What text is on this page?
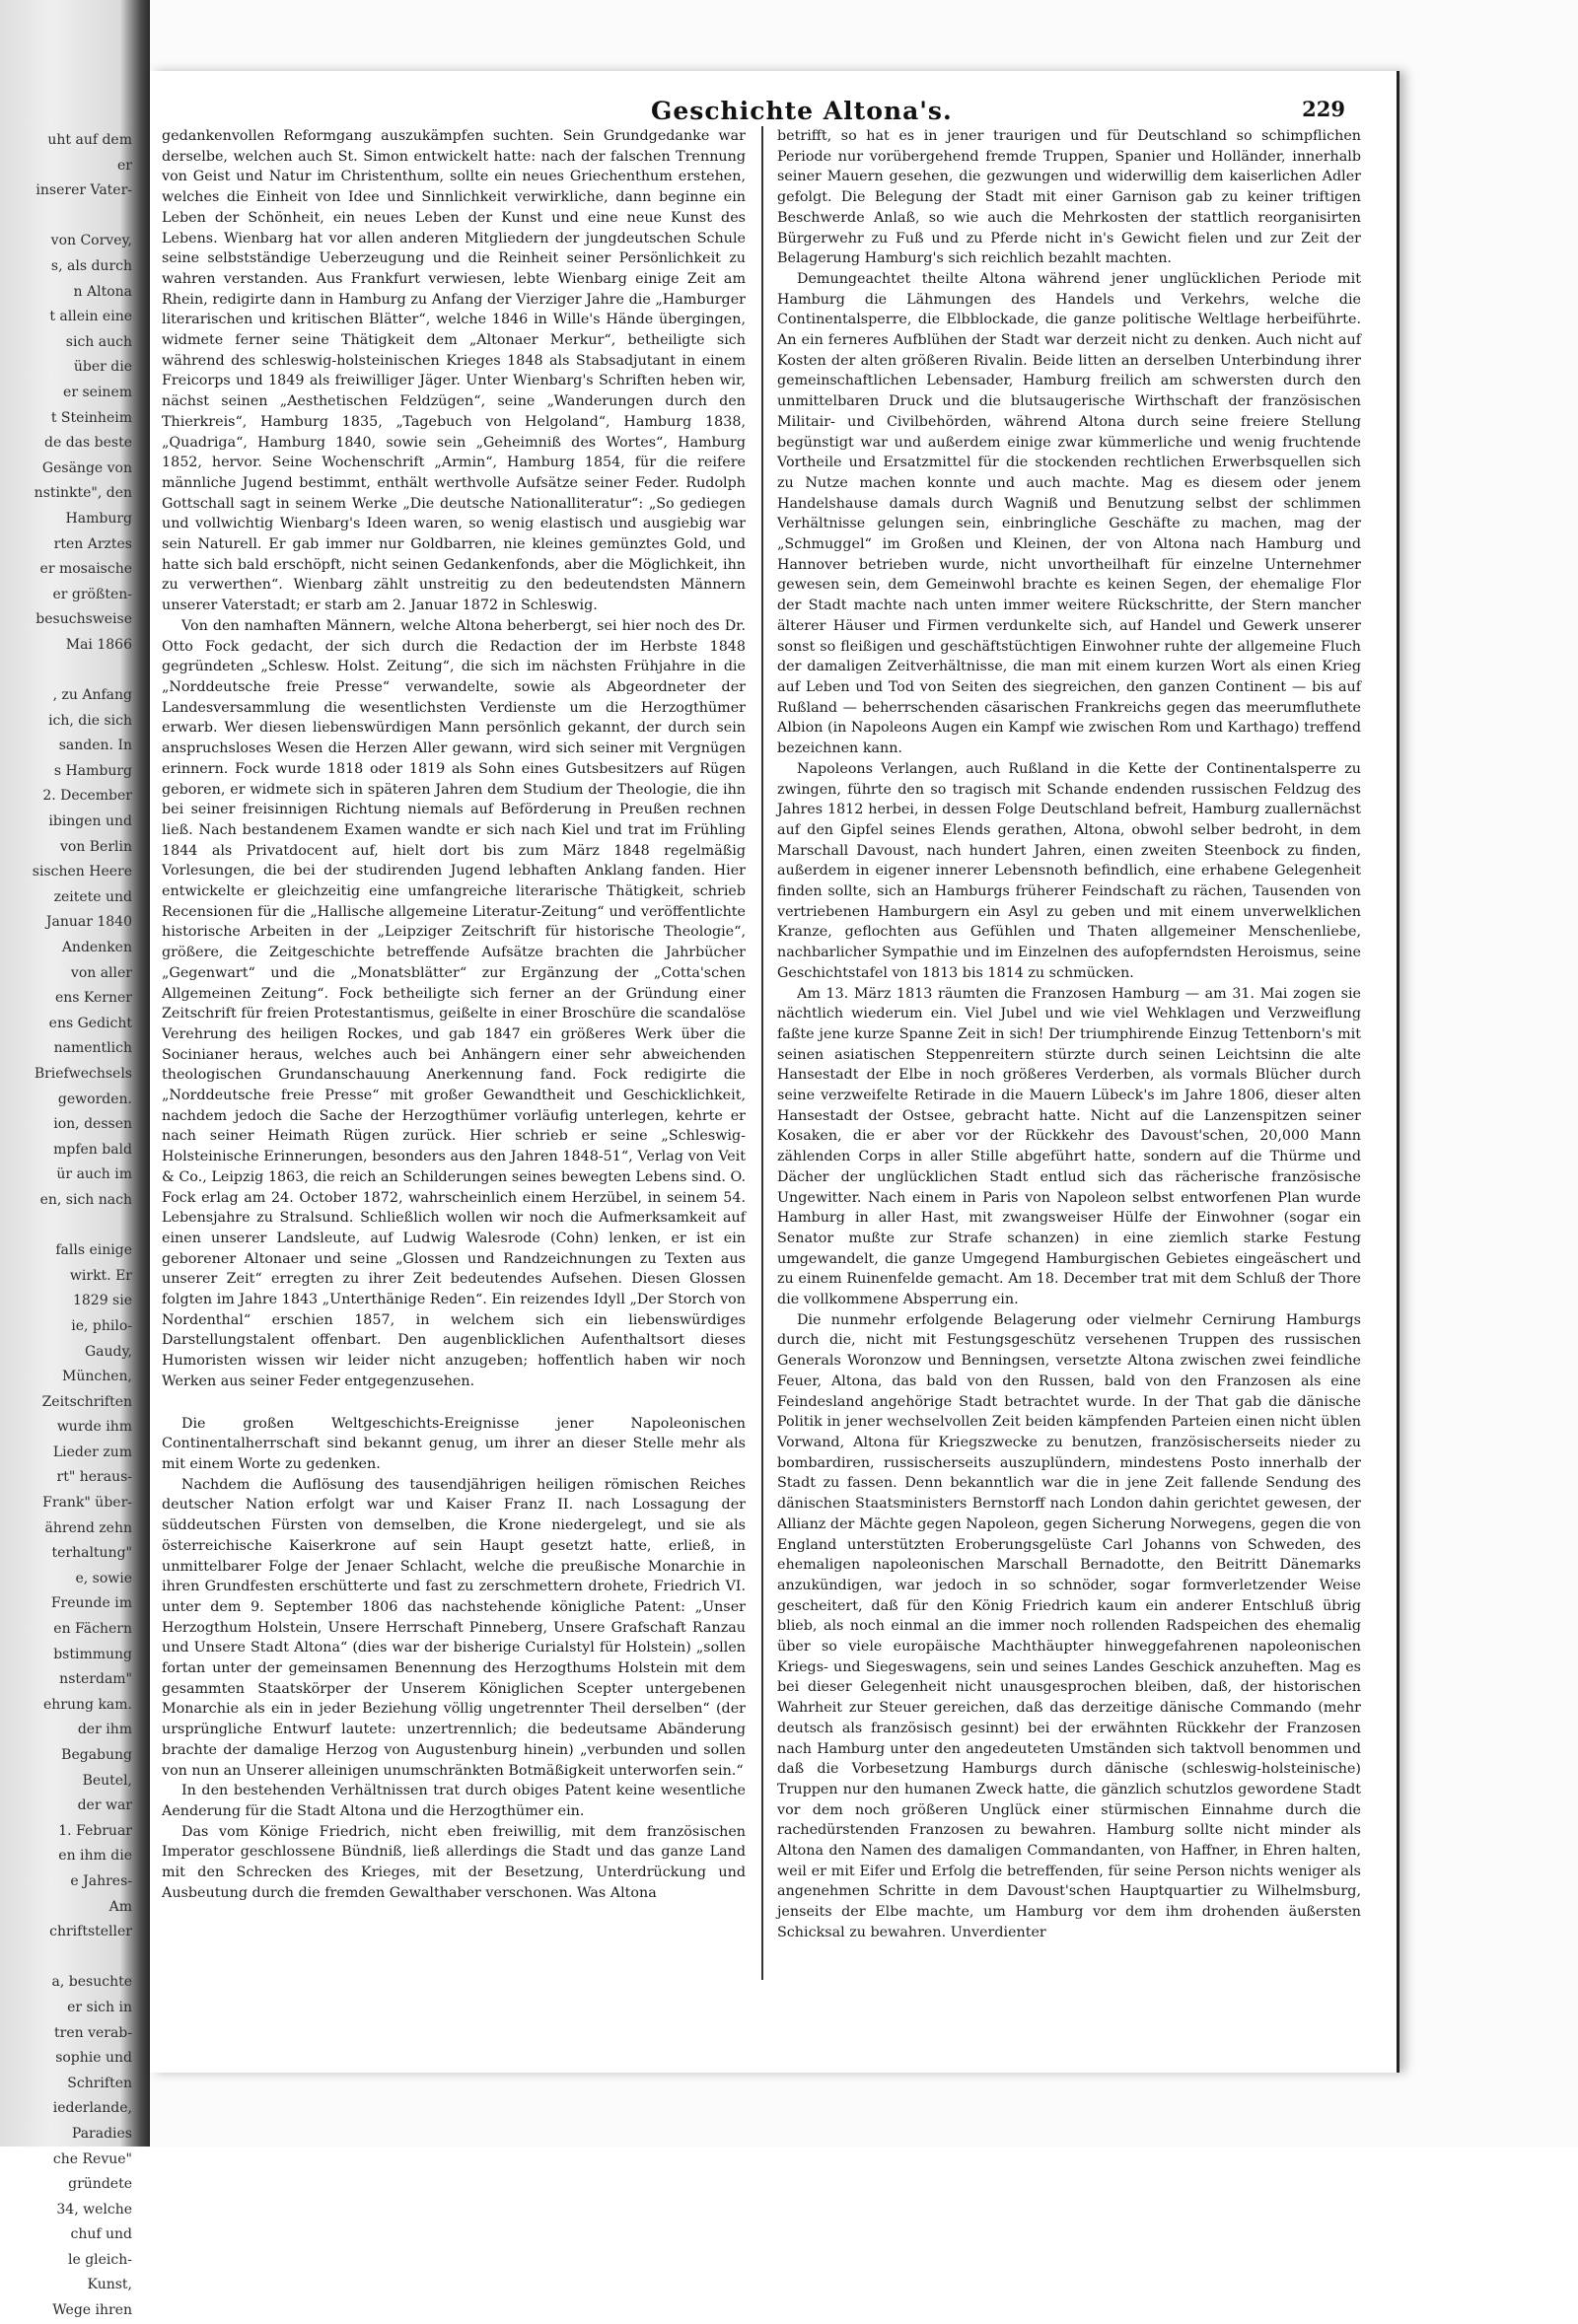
uht auf dem
er
inserer Vater-

von Corvey,
s, als durch
n Altona
t allein eine
sich auch
über die
er seinem
t Steinheim
de das beste
Gesänge von
nstinkte", den
Hamburg
rten Arztes
er mosaische
er größten-
besuchsweise
Mai 1866

, zu Anfang
ich, die sich
sanden. In
s Hamburg
2. December
ibingen und
von Berlin
sischen Heere
zeitete und
Januar 1840
Andenken
von aller
ens Kerner
ens Gedicht
namentlich
Briefwechsels
geworden.
ion, dessen
mpfen bald
ür auch im
en, sich nach

falls einige
wirkt. Er
1829 sie
ie, philo-
Gaudy,
München,
Zeitschriften
wurde ihm
Lieder zum
rt" heraus-
Frank" über-
ährend zehn
terhaltung"
e, sowie
Freunde im
en Fächern
bstimmung
nsterdam"
ehrung kam.
der ihm
Begabung
Beutel,
der war
1. Februar
en ihm die
e Jahres-
Am
chriftsteller

a, besuchte
er sich in
tren verab-
sophie und
Schriften
iederlande,
Paradies
che Revue"
gründete
34, welche
chuf und
le gleich-
Kunst,
Wege ihren
Geschichte Altona's.	229

gedankenvollen Reformgang auszukämpfen suchten. Sein Grundgedanke war derselbe, welchen auch St. Simon entwickelt hatte: nach der falschen Trennung von Geist und Natur im Christenthum, sollte ein neues Griechenthum erstehen, welches die Einheit von Idee und Sinnlichkeit verwirkliche, dann beginne ein Leben der Schönheit, ein neues Leben der Kunst und eine neue Kunst des Lebens. Wienbarg hat vor allen anderen Mitgliedern der jungdeutschen Schule seine selbstständige Ueberzeugung und die Reinheit seiner Persönlichkeit zu wahren verstanden. Aus Frankfurt verwiesen, lebte Wienbarg einige Zeit am Rhein, redigirte dann in Hamburg zu Anfang der Vierziger Jahre die „Hamburger literarischen und kritischen Blätter“, welche 1846 in Wille's Hände übergingen, widmete ferner seine Thätigkeit dem „Altonaer Merkur“, betheiligte sich während des schleswig-holsteinischen Krieges 1848 als Stabsadjutant in einem Freicorps und 1849 als freiwilliger Jäger. Unter Wienbarg's Schriften heben wir, nächst seinen „Aesthetischen Feldzügen“, seine „Wanderungen durch den Thierkreis“, Hamburg 1835, „Tagebuch von Helgoland“, Hamburg 1838, „Quadriga“, Hamburg 1840, sowie sein „Geheimniß des Wortes“, Hamburg 1852, hervor. Seine Wochenschrift „Armin“, Hamburg 1854, für die reifere männliche Jugend bestimmt, enthält werthvolle Aufsätze seiner Feder. Rudolph Gottschall sagt in seinem Werke „Die deutsche Nationalliteratur“: „So gediegen und vollwichtig Wienbarg's Ideen waren, so wenig elastisch und ausgiebig war sein Naturell. Er gab immer nur Goldbarren, nie kleines gemünztes Gold, und hatte sich bald erschöpft, nicht seinen Gedankenfonds, aber die Möglichkeit, ihn zu verwerthen“. Wienbarg zählt unstreitig zu den bedeutendsten Männern unserer Vaterstadt; er starb am 2. Januar 1872 in Schleswig.

Von den namhaften Männern, welche Altona beherbergt, sei hier noch des Dr. Otto Fock gedacht, der sich durch die Redaction der im Herbste 1848 gegründeten „Schlesw. Holst. Zeitung“, die sich im nächsten Frühjahre in die „Norddeutsche freie Presse“ verwandelte, sowie als Abgeordneter der Landesversammlung die wesentlichsten Verdienste um die Herzogthümer erwarb. Wer diesen liebenswürdigen Mann persönlich gekannt, der durch sein anspruchsloses Wesen die Herzen Aller gewann, wird sich seiner mit Vergnügen erinnern. Fock wurde 1818 oder 1819 als Sohn eines Gutsbesitzers auf Rügen geboren, er widmete sich in späteren Jahren dem Studium der Theologie, die ihn bei seiner freisinnigen Richtung niemals auf Beförderung in Preußen rechnen ließ. Nach bestandenem Examen wandte er sich nach Kiel und trat im Frühling 1844 als Privatdocent auf, hielt dort bis zum März 1848 regelmäßig Vorlesungen, die bei der studirenden Jugend lebhaften Anklang fanden. Hier entwickelte er gleichzeitig eine umfangreiche literarische Thätigkeit, schrieb Recensionen für die „Hallische allgemeine Literatur-Zeitung“ und veröffentlichte historische Arbeiten in der „Leipziger Zeitschrift für historische Theologie“, größere, die Zeitgeschichte betreffende Aufsätze brachten die Jahrbücher „Gegenwart“ und die „Monatsblätter“ zur Ergänzung der „Cotta'schen Allgemeinen Zeitung“. Fock betheiligte sich ferner an der Gründung einer Zeitschrift für freien Protestantismus, geißelte in einer Broschüre die scandalöse Verehrung des heiligen Rockes, und gab 1847 ein größeres Werk über die Socinianer heraus, welches auch bei Anhängern einer sehr abweichenden theologischen Grundanschauung Anerkennung fand. Fock redigirte die „Norddeutsche freie Presse“ mit großer Gewandtheit und Geschicklichkeit, nachdem jedoch die Sache der Herzogthümer vorläufig unterlegen, kehrte er nach seiner Heimath Rügen zurück. Hier schrieb er seine „Schleswig-Holsteinische Erinnerungen, besonders aus den Jahren 1848-51“, Verlag von Veit & Co., Leipzig 1863, die reich an Schilderungen seines bewegten Lebens sind. O. Fock erlag am 24. October 1872, wahrscheinlich einem Herzübel, in seinem 54. Lebensjahre zu Stralsund. Schließlich wollen wir noch die Aufmerksamkeit auf einen unserer Landsleute, auf Ludwig Walesrode (Cohn) lenken, er ist ein geborener Altonaer und seine „Glossen und Randzeichnungen zu Texten aus unserer Zeit“ erregten zu ihrer Zeit bedeutendes Aufsehen. Diesen Glossen folgten im Jahre 1843 „Unterthänige Reden“. Ein reizendes Idyll „Der Storch von Nordenthal“ erschien 1857, in welchem sich ein liebenswürdiges Darstellungstalent offenbart. Den augenblicklichen Aufenthaltsort dieses Humoristen wissen wir leider nicht anzugeben; hoffentlich haben wir noch Werken aus seiner Feder entgegenzusehen.

Die großen Weltgeschichts-Ereignisse jener Napoleonischen Continentalherrschaft sind bekannt genug, um ihrer an dieser Stelle mehr als mit einem Worte zu gedenken.

Nachdem die Auflösung des tausendjährigen heiligen römischen Reiches deutscher Nation erfolgt war und Kaiser Franz II. nach Lossagung der süddeutschen Fürsten von demselben, die Krone niedergelegt, und sie als österreichische Kaiserkrone auf sein Haupt gesetzt hatte, erließ, in unmittelbarer Folge der Jenaer Schlacht, welche die preußische Monarchie in ihren Grundfesten erschütterte und fast zu zerschmettern drohete, Friedrich VI. unter dem 9. September 1806 das nachstehende königliche Patent: „Unser Herzogthum Holstein, Unsere Herrschaft Pinneberg, Unsere Grafschaft Ranzau und Unsere Stadt Altona“ (dies war der bisherige Curialstyl für Holstein) „sollen fortan unter der gemeinsamen Benennung des Herzogthums Holstein mit dem gesammten Staatskörper der Unserem Königlichen Scepter untergebenen Monarchie als ein in jeder Beziehung völlig ungetrennter Theil derselben“ (der ursprüngliche Entwurf lautete: unzertrennlich; die bedeutsame Abänderung brachte der damalige Herzog von Augustenburg hinein) „verbunden und sollen von nun an Unserer alleinigen unumschränkten Botmäßigkeit unterworfen sein.“

In den bestehenden Verhältnissen trat durch obiges Patent keine wesentliche Aenderung für die Stadt Altona und die Herzogthümer ein.

Das vom Könige Friedrich, nicht eben freiwillig, mit dem französischen Imperator geschlossene Bündniß, ließ allerdings die Stadt und das ganze Land mit den Schrecken des Krieges, mit der Besetzung, Unterdrückung und Ausbeutung durch die fremden Gewalthaber verschonen. Was Altona

betrifft, so hat es in jener traurigen und für Deutschland so schimpflichen Periode nur vorübergehend fremde Truppen, Spanier und Holländer, innerhalb seiner Mauern gesehen, die gezwungen und widerwillig dem kaiserlichen Adler gefolgt. Die Belegung der Stadt mit einer Garnison gab zu keiner triftigen Beschwerde Anlaß, so wie auch die Mehrkosten der stattlich reorganisirten Bürgerwehr zu Fuß und zu Pferde nicht in's Gewicht fielen und zur Zeit der Belagerung Hamburg's sich reichlich bezahlt machten.

Demungeachtet theilte Altona während jener unglücklichen Periode mit Hamburg die Lähmungen des Handels und Verkehrs, welche die Continentalsperre, die Elbblockade, die ganze politische Weltlage herbeiführte. An ein ferneres Aufblühen der Stadt war derzeit nicht zu denken. Auch nicht auf Kosten der alten größeren Rivalin. Beide litten an derselben Unterbindung ihrer gemeinschaftlichen Lebensader, Hamburg freilich am schwersten durch den unmittelbaren Druck und die blutsaugerische Wirthschaft der französischen Militair- und Civilbehörden, während Altona durch seine freiere Stellung begünstigt war und außerdem einige zwar kümmerliche und wenig fruchtende Vortheile und Ersatzmittel für die stockenden rechtlichen Erwerbsquellen sich zu Nutze machen konnte und auch machte. Mag es diesem oder jenem Handelshause damals durch Wagniß und Benutzung selbst der schlimmen Verhältnisse gelungen sein, einbringliche Geschäfte zu machen, mag der „Schmuggel“ im Großen und Kleinen, der von Altona nach Hamburg und Hannover betrieben wurde, nicht unvortheilhaft für einzelne Unternehmer gewesen sein, dem Gemeinwohl brachte es keinen Segen, der ehemalige Flor der Stadt machte nach unten immer weitere Rückschritte, der Stern mancher älterer Häuser und Firmen verdunkelte sich, auf Handel und Gewerk unserer sonst so fleißigen und geschäftstüchtigen Einwohner ruhte der allgemeine Fluch der damaligen Zeitverhältnisse, die man mit einem kurzen Wort als einen Krieg auf Leben und Tod von Seiten des siegreichen, den ganzen Continent — bis auf Rußland — beherrschenden cäsarischen Frankreichs gegen das meerumfluthete Albion (in Napoleons Augen ein Kampf wie zwischen Rom und Karthago) treffend bezeichnen kann.

Napoleons Verlangen, auch Rußland in die Kette der Continentalsperre zu zwingen, führte den so tragisch mit Schande endenden russischen Feldzug des Jahres 1812 herbei, in dessen Folge Deutschland befreit, Hamburg zuallernächst auf den Gipfel seines Elends gerathen, Altona, obwohl selber bedroht, in dem Marschall Davoust, nach hundert Jahren, einen zweiten Steenbock zu finden, außerdem in eigener innerer Lebensnoth befindlich, eine erhabene Gelegenheit finden sollte, sich an Hamburgs früherer Feindschaft zu rächen, Tausenden von vertriebenen Hamburgern ein Asyl zu geben und mit einem unverwelklichen Kranze, geflochten aus Gefühlen und Thaten allgemeiner Menschenliebe, nachbarlicher Sympathie und im Einzelnen des aufopferndsten Heroismus, seine Geschichtstafel von 1813 bis 1814 zu schmücken.

Am 13. März 1813 räumten die Franzosen Hamburg — am 31. Mai zogen sie nächtlich wiederum ein. Viel Jubel und wie viel Wehklagen und Verzweiflung faßte jene kurze Spanne Zeit in sich! Der triumphirende Einzug Tettenborn's mit seinen asiatischen Steppenreitern stürzte durch seinen Leichtsinn die alte Hansestadt der Elbe in noch größeres Verderben, als vormals Blücher durch seine verzweifelte Retirade in die Mauern Lübeck's im Jahre 1806, dieser alten Hansestadt der Ostsee, gebracht hatte. Nicht auf die Lanzenspitzen seiner Kosaken, die er aber vor der Rückkehr des Davoust'schen, 20,000 Mann zählenden Corps in aller Stille abgeführt hatte, sondern auf die Thürme und Dächer der unglücklichen Stadt entlud sich das rächerische französische Ungewitter. Nach einem in Paris von Napoleon selbst entworfenen Plan wurde Hamburg in aller Hast, mit zwangsweiser Hülfe der Einwohner (sogar ein Senator mußte zur Strafe schanzen) in eine ziemlich starke Festung umgewandelt, die ganze Umgegend Hamburgischen Gebietes eingeäschert und zu einem Ruinenfelde gemacht. Am 18. December trat mit dem Schluß der Thore die vollkommene Absperrung ein.

Die nunmehr erfolgende Belagerung oder vielmehr Cernirung Hamburgs durch die, nicht mit Festungsgeschütz versehenen Truppen des russischen Generals Woronzow und Benningsen, versetzte Altona zwischen zwei feindliche Feuer, Altona, das bald von den Russen, bald von den Franzosen als eine Feindesland angehörige Stadt betrachtet wurde. In der That gab die dänische Politik in jener wechselvollen Zeit beiden kämpfenden Parteien einen nicht üblen Vorwand, Altona für Kriegszwecke zu benutzen, französischerseits nieder zu bombardiren, russischerseits auszuplündern, mindestens Posto innerhalb der Stadt zu fassen. Denn bekanntlich war die in jene Zeit fallende Sendung des dänischen Staatsministers Bernstorff nach London dahin gerichtet gewesen, der Allianz der Mächte gegen Napoleon, gegen Sicherung Norwegens, gegen die von England unterstützten Eroberungsgelüste Carl Johanns von Schweden, des ehemaligen napoleonischen Marschall Bernadotte, den Beitritt Dänemarks anzukündigen, war jedoch in so schnöder, sogar formverletzender Weise gescheitert, daß für den König Friedrich kaum ein anderer Entschluß übrig blieb, als noch einmal an die immer noch rollenden Radspeichen des ehemalig über so viele europäische Machthäupter hinweggefahrenen napoleonischen Kriegs- und Siegeswagens, sein und seines Landes Geschick anzuheften. Mag es bei dieser Gelegenheit nicht unausgesprochen bleiben, daß, der historischen Wahrheit zur Steuer gereichen, daß das derzeitige dänische Commando (mehr deutsch als französisch gesinnt) bei der erwähnten Rückkehr der Franzosen nach Hamburg unter den angedeuteten Umständen sich taktvoll benommen und daß die Vorbesetzung Hamburgs durch dänische (schleswig-holsteinische) Truppen nur den humanen Zweck hatte, die gänzlich schutzlos gewordene Stadt vor dem noch größeren Unglück einer stürmischen Einnahme durch die rachedürstenden Franzosen zu bewahren. Hamburg sollte nicht minder als Altona den Namen des damaligen Commandanten, von Haffner, in Ehren halten, weil er mit Eifer und Erfolg die betreffenden, für seine Person nichts weniger als angenehmen Schritte in dem Davoust'schen Hauptquartier zu Wilhelmsburg, jenseits der Elbe machte, um Hamburg vor dem ihm drohenden äußersten Schicksal zu bewahren. Unverdienter
